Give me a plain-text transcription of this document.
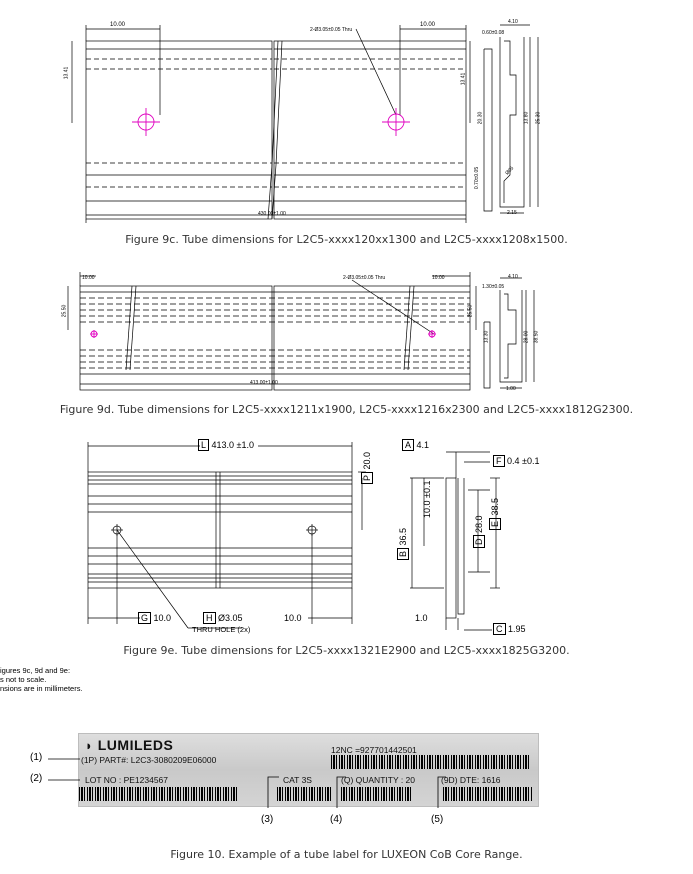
10.00	10.00
2-Ø3.05±0.05 Thru
13.41	13.41
430.00±1.00
4.10
0.60±0.08
20.30	13.80 25.30
0.70±0.05	Ø05
2.15
Figure 9c. Tube dimensions for L2C5-xxxx120xx1300 and L2C5-xxxx1208x1500.
10.00	10.00
2-Ø3.05±0.05 Thru
25.50	25.50
413.00±1.00
4.10
1.30±0.05
13.30	28.00 38.50
1.00
Figure 9d. Tube dimensions for L2C5-xxxx1211x1900, L2C5-xxxx1216x2300 and L2C5-xxxx1812G2300.
L 413.0 ±1.0	A 4.1
F 0.4 ±0.1
P 20.0
B 36.5
10.0 ±0.1
D 28.0 E 38.5
G 10.0	H Ø3.05
THRU HOLE (2x)
10.0	1.0
C 1.95
Figure 9e. Tube dimensions for L2C5-xxxx1321E2900 and L2C5-xxxx1825G3200.
igures 9c, 9d and 9e:
s not to scale.
nsions are in millimeters.
◗ LUMILEDS
(1P) PART#: L2C3-3080209E06000
12NC =927701442501
LOT NO : PE1234567	CAT 3S	(Q) QUANTITY : 20	(9D) DTE: 1616
(1)
(2)
(3)	(4)	(5)
Figure 10. Example of a tube label for LUXEON CoB Core Range.
